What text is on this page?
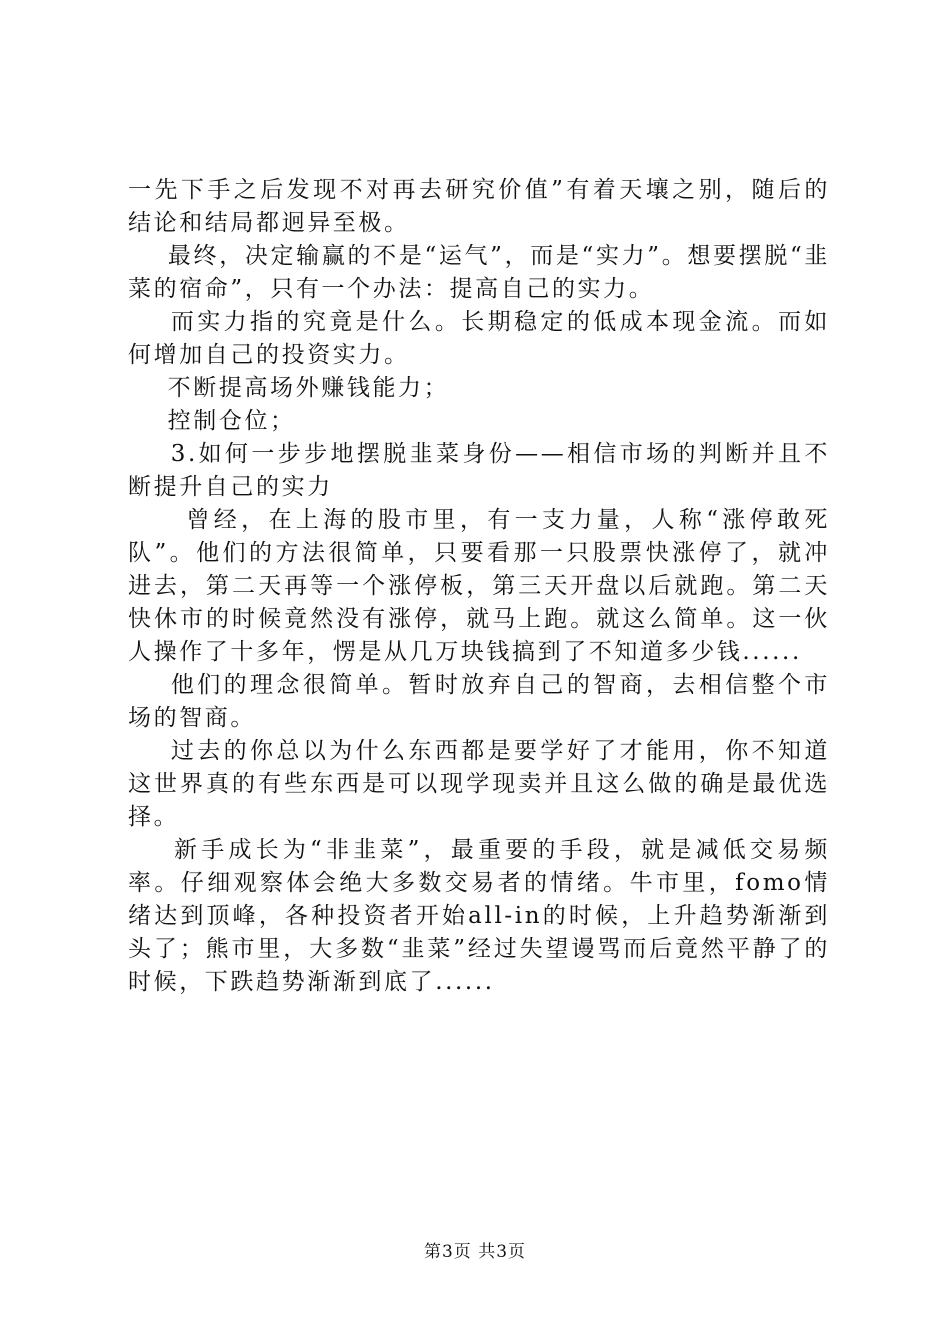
一先下手之后发现不对再去研究价值”有着天壤之别，随后的结论和结局都迥异至极。

最终，决定输赢的不是“运气”，而是“实力”。想要摆脱“韭菜的宿命”，只有一个办法：提高自己的实力。

而实力指的究竟是什么。长期稳定的低成本现金流。而如何增加自己的投资实力。

不断提高场外赚钱能力；

控制仓位；

3.如何一步步地摆脱韭菜身份——相信市场的判断并且不断提升自己的实力

曾经，在上海的股市里，有一支力量，人称“涨停敢死队”。他们的方法很简单，只要看那一只股票快涨停了，就冲进去，第二天再等一个涨停板，第三天开盘以后就跑。第二天快休市的时候竟然没有涨停，就马上跑。就这么简单。这一伙人操作了十多年，愣是从几万块钱搞到了不知道多少钱......

他们的理念很简单。暂时放弃自己的智商，去相信整个市场的智商。

过去的你总以为什么东西都是要学好了才能用，你不知道这世界真的有些东西是可以现学现卖并且这么做的确是最优选择。

新手成长为“非韭菜”，最重要的手段，就是减低交易频率。仔细观察体会绝大多数交易者的情绪。牛市里，fomo情绪达到顶峰，各种投资者开始all-in的时候，上升趋势渐渐到头了；熊市里，大多数“韭菜”经过失望谩骂而后竟然平静了的时候，下跌趋势渐渐到底了......

第3页 共3页
